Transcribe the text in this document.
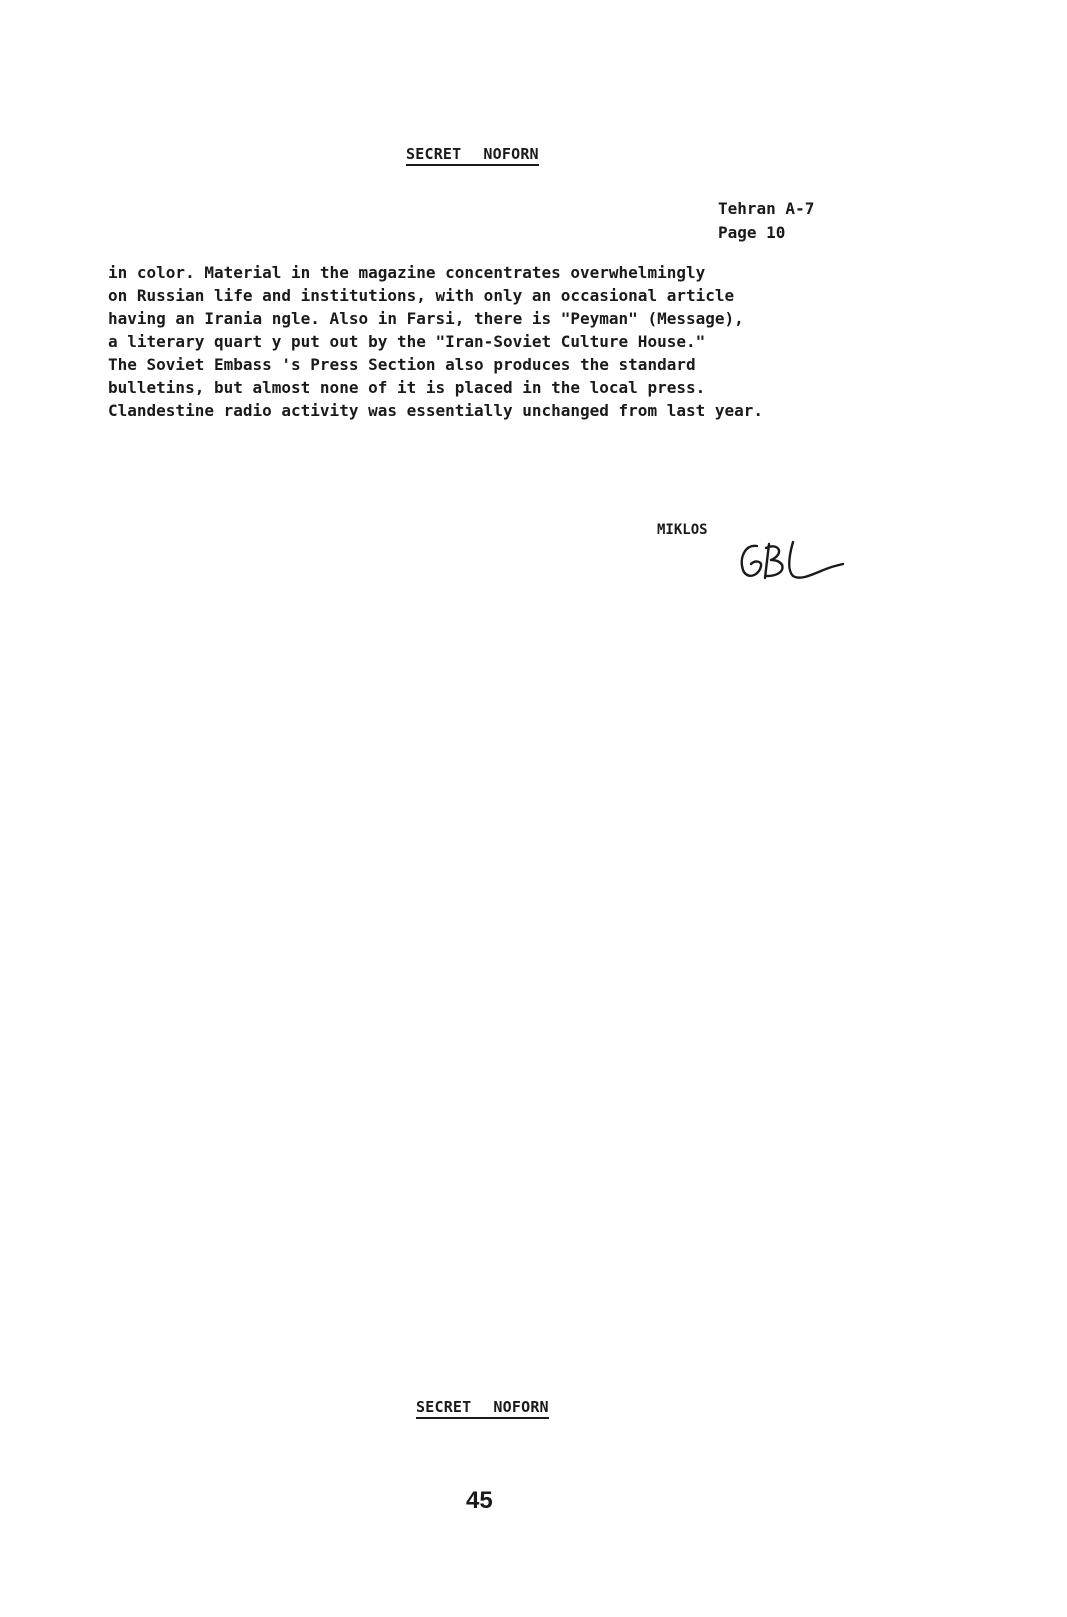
SECRET NOFORN
Tehran A-7
Page 10
in color. Material in the magazine concentrates overwhelmingly
on Russian life and institutions, with only an occasional article
having an Irania ngle. Also in Farsi, there is "Peyman" (Message),
a literary quart y put out by the "Iran-Soviet Culture House."
The Soviet Embass 's Press Section also produces the standard
bulletins, but almost none of it is placed in the local press.
Clandestine radio activity was essentially unchanged from last year.
MIKLOS
SECRET NOFORN
45
